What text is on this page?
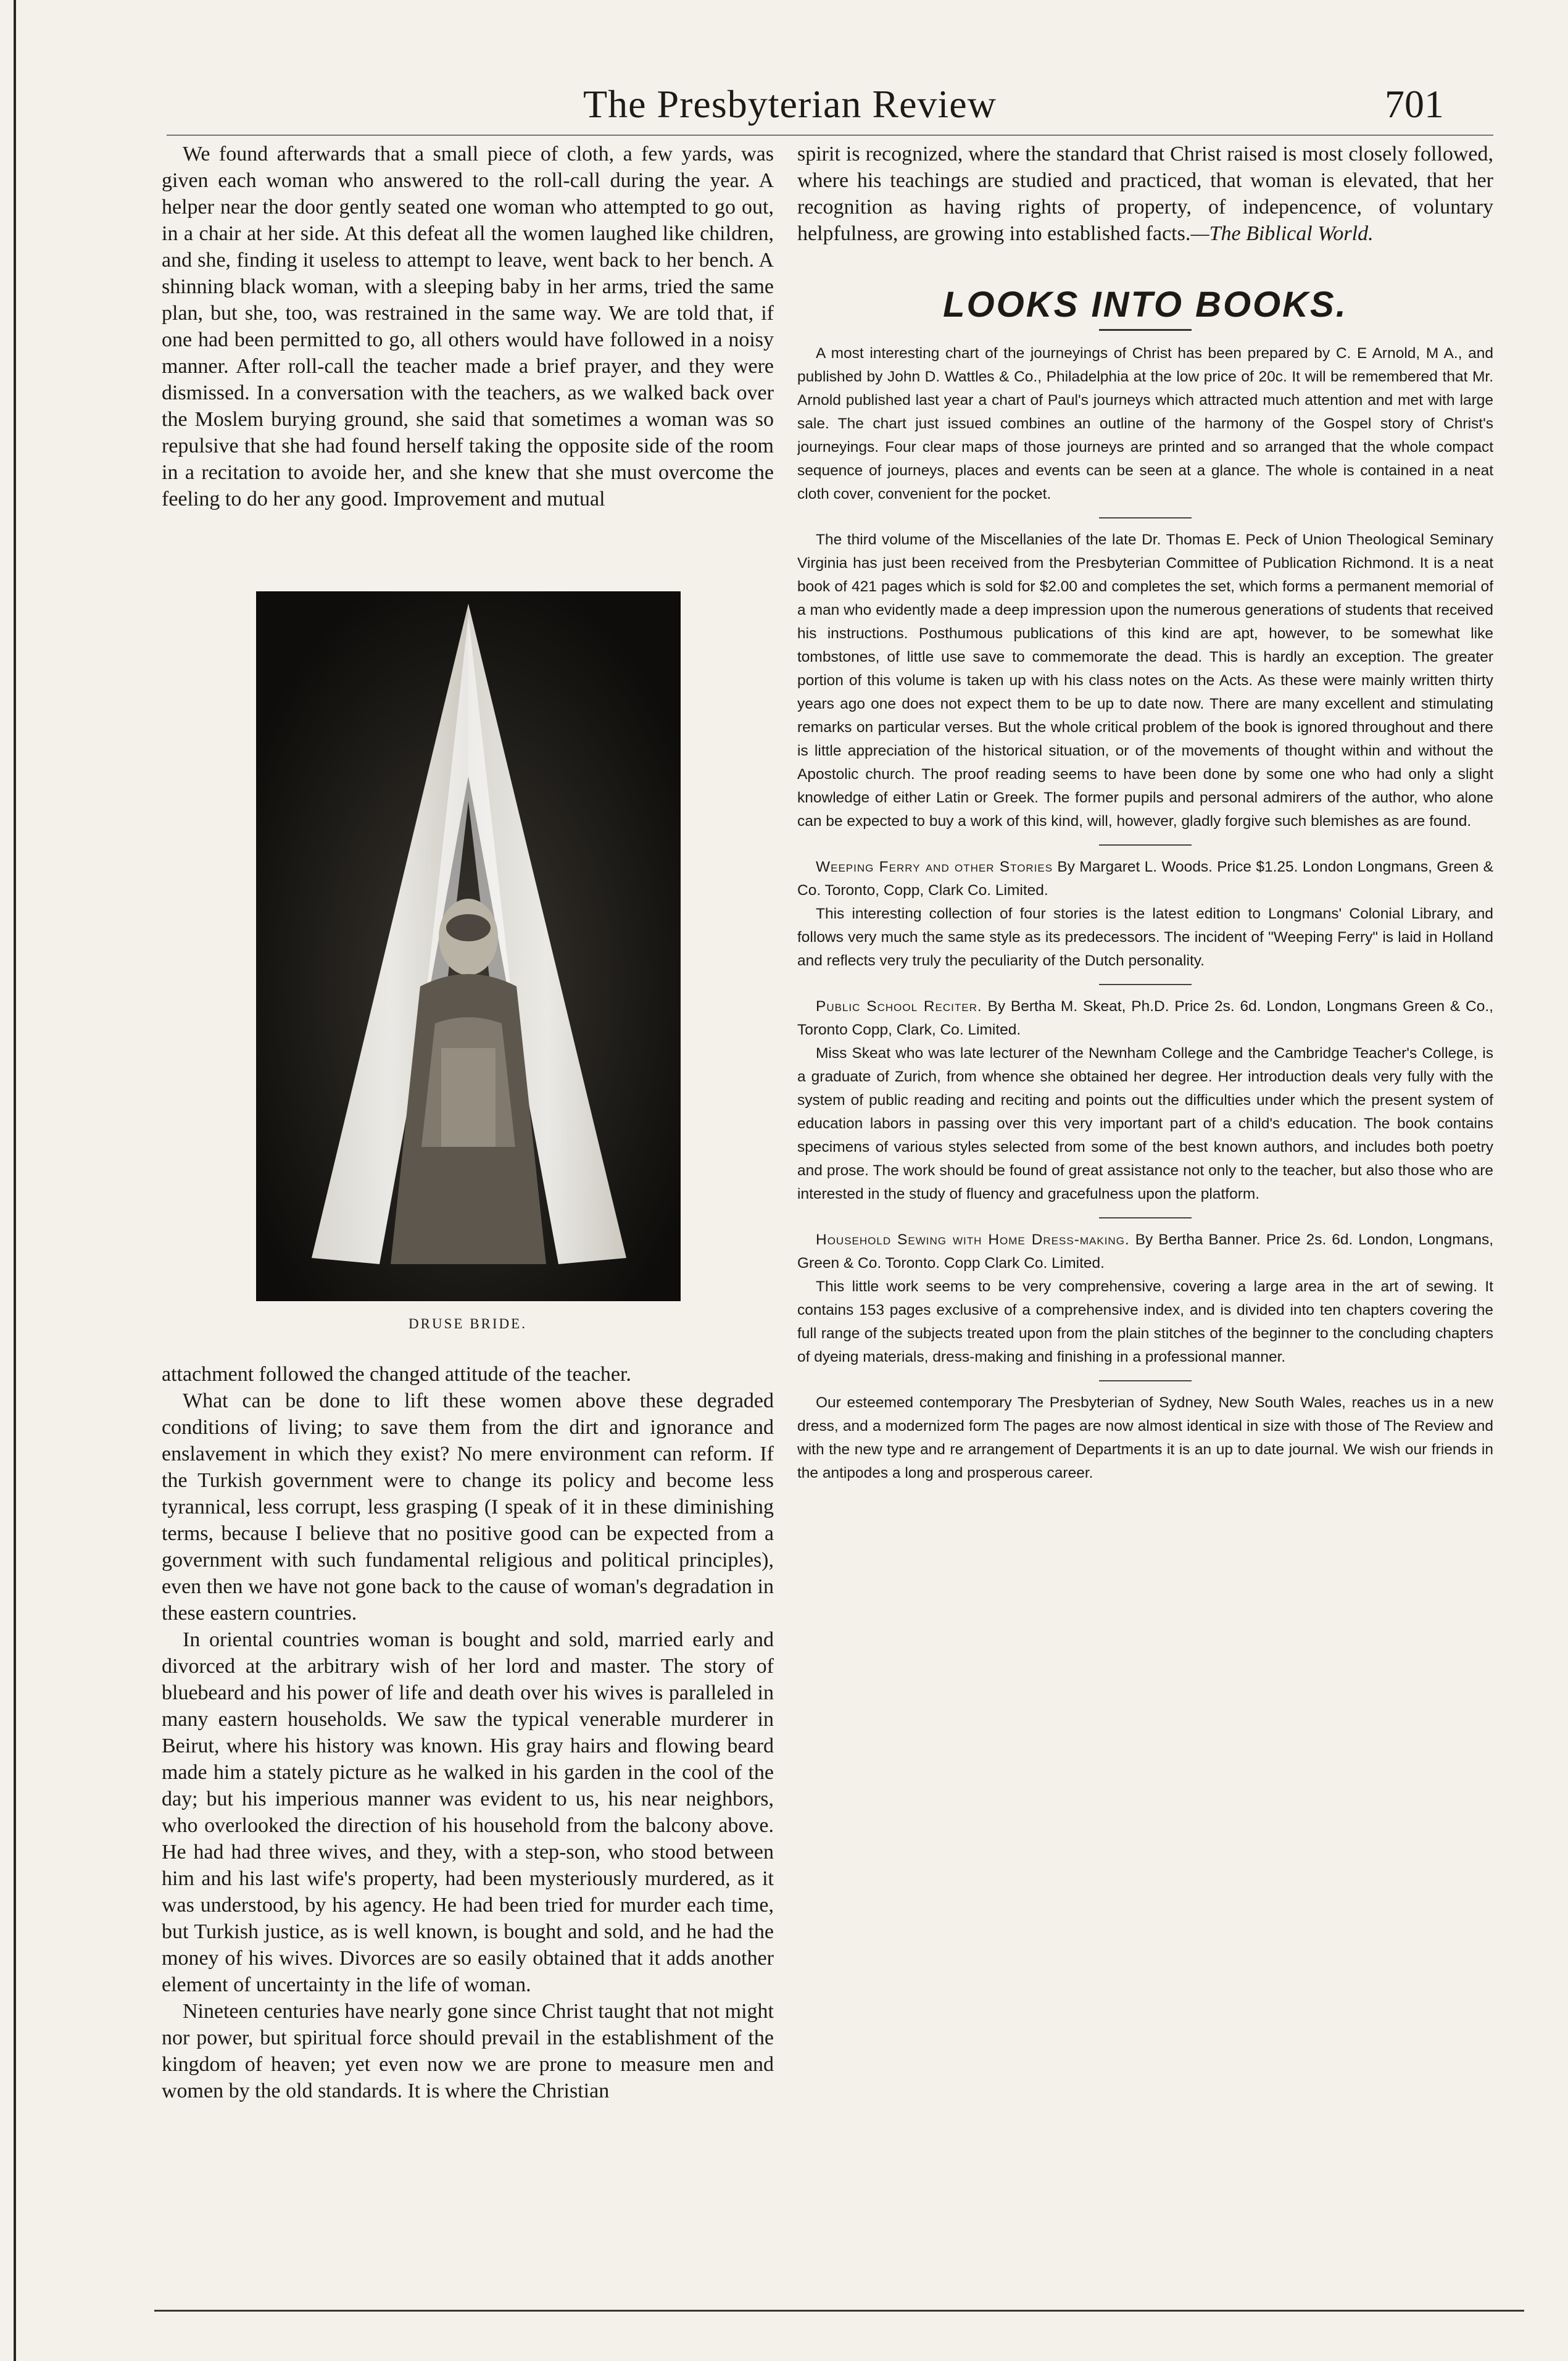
The Presbyterian Review	701

We found afterwards that a small piece of cloth, a few yards, was given each woman who answered to the roll-call during the year. A helper near the door gently seated one woman who attempted to go out, in a chair at her side. At this defeat all the women laughed like children, and she, finding it useless to attempt to leave, went back to her bench. A shinning black woman, with a sleeping baby in her arms, tried the same plan, but she, too, was restrained in the same way. We are told that, if one had been permitted to go, all others would have followed in a noisy manner. After roll-call the teacher made a brief prayer, and they were dismissed. In a conversation with the teachers, as we walked back over the Moslem burying ground, she said that sometimes a woman was so repulsive that she had found herself taking the opposite side of the room in a recitation to avoide her, and she knew that she must overcome the feeling to do her any good. Improvement and mutual

DRUSE BRIDE.

attachment followed the changed attitude of the teacher.

What can be done to lift these women above these degraded conditions of living; to save them from the dirt and ignorance and enslavement in which they exist? No mere environment can reform. If the Turkish government were to change its policy and become less tyrannical, less corrupt, less grasping (I speak of it in these diminishing terms, because I believe that no positive good can be expected from a government with such fundamental religious and political principles), even then we have not gone back to the cause of woman's degradation in these eastern countries.

In oriental countries woman is bought and sold, married early and divorced at the arbitrary wish of her lord and master. The story of bluebeard and his power of life and death over his wives is paralleled in many eastern households. We saw the typical venerable murderer in Beirut, where his history was known. His gray hairs and flowing beard made him a stately picture as he walked in his garden in the cool of the day; but his imperious manner was evident to us, his near neighbors, who overlooked the direction of his household from the balcony above. He had had three wives, and they, with a step-son, who stood between him and his last wife's property, had been mysteriously murdered, as it was understood, by his agency. He had been tried for murder each time, but Turkish justice, as is well known, is bought and sold, and he had the money of his wives. Divorces are so easily obtained that it adds another element of uncertainty in the life of woman.

Nineteen centuries have nearly gone since Christ taught that not might nor power, but spiritual force should prevail in the establishment of the kingdom of heaven; yet even now we are prone to measure men and women by the old standards. It is where the Christian

spirit is recognized, where the standard that Christ raised is most closely followed, where his teachings are studied and practiced, that woman is elevated, that her recognition as having rights of property, of indepencence, of voluntary helpfulness, are growing into established facts.—The Biblical World.

LOOKS INTO BOOKS.

A most interesting chart of the journeyings of Christ has been prepared by C. E Arnold, M A., and published by John D. Wattles & Co., Philadelphia at the low price of 20c. It will be remembered that Mr. Arnold published last year a chart of Paul's journeys which attracted much attention and met with large sale. The chart just issued combines an outline of the harmony of the Gospel story of Christ's journeyings. Four clear maps of those journeys are printed and so arranged that the whole compact sequence of journeys, places and events can be seen at a glance. The whole is contained in a neat cloth cover, convenient for the pocket.

The third volume of the Miscellanies of the late Dr. Thomas E. Peck of Union Theological Seminary Virginia has just been received from the Presbyterian Committee of Publication Richmond. It is a neat book of 421 pages which is sold for $2.00 and completes the set, which forms a permanent memorial of a man who evidently made a deep impression upon the numerous generations of students that received his instructions. Posthumous publications of this kind are apt, however, to be somewhat like tombstones, of little use save to commemorate the dead. This is hardly an exception. The greater portion of this volume is taken up with his class notes on the Acts. As these were mainly written thirty years ago one does not expect them to be up to date now. There are many excellent and stimulating remarks on particular verses. But the whole critical problem of the book is ignored throughout and there is little appreciation of the historical situation, or of the movements of thought within and without the Apostolic church. The proof reading seems to have been done by some one who had only a slight knowledge of either Latin or Greek. The former pupils and personal admirers of the author, who alone can be expected to buy a work of this kind, will, however, gladly forgive such blemishes as are found.

Weeping Ferry and other Stories By Margaret L. Woods. Price $1.25. London Longmans, Green & Co. Toronto, Copp, Clark Co. Limited.

This interesting collection of four stories is the latest edition to Longmans' Colonial Library, and follows very much the same style as its predecessors. The incident of "Weeping Ferry" is laid in Holland and reflects very truly the peculiarity of the Dutch personality.

Public School Reciter. By Bertha M. Skeat, Ph.D. Price 2s. 6d. London, Longmans Green & Co., Toronto Copp, Clark, Co. Limited.

Miss Skeat who was late lecturer of the Newnham College and the Cambridge Teacher's College, is a graduate of Zurich, from whence she obtained her degree. Her introduction deals very fully with the system of public reading and reciting and points out the difficulties under which the present system of education labors in passing over this very important part of a child's education. The book contains specimens of various styles selected from some of the best known authors, and includes both poetry and prose. The work should be found of great assistance not only to the teacher, but also those who are interested in the study of fluency and gracefulness upon the platform.

Household Sewing with Home Dress-making. By Bertha Banner. Price 2s. 6d. London, Longmans, Green & Co. Toronto. Copp Clark Co. Limited.

This little work seems to be very comprehensive, covering a large area in the art of sewing. It contains 153 pages exclusive of a comprehensive index, and is divided into ten chapters covering the full range of the subjects treated upon from the plain stitches of the beginner to the concluding chapters of dyeing materials, dress-making and finishing in a professional manner.

Our esteemed contemporary The Presbyterian of Sydney, New South Wales, reaches us in a new dress, and a modernized form The pages are now almost identical in size with those of The Review and with the new type and re arrangement of Departments it is an up to date journal. We wish our friends in the antipodes a long and prosperous career.
